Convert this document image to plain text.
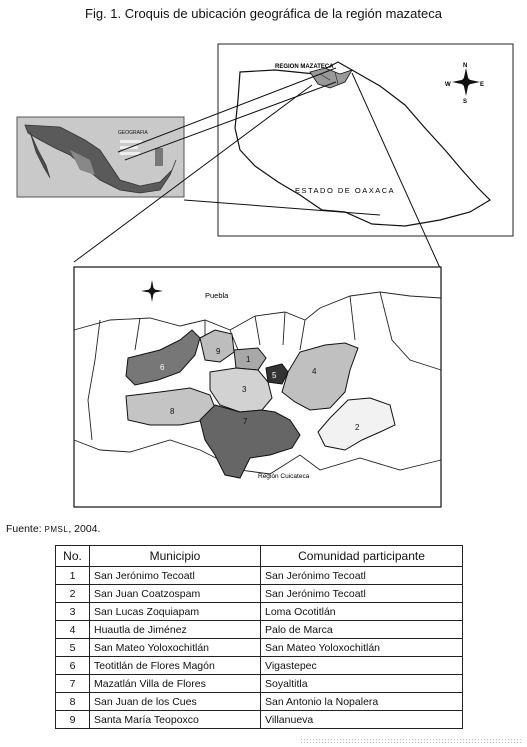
Fig. 1. Croquis de ubicación geográfica de la región mazateca
GEOGRAFIA
REGION MAZATECA
ESTADO DE OAXACA
N
E
W
S
1
2
3
4
5
6
7
8
9
Puebla
Región Cuicateca
Fuente: PMSL, 2004.
No.	Municipio	Comunidad participante
1	San Jerónimo Tecoatl	San Jerónimo Tecoatl
2	San Juan Coatzospam	San Jerónimo Tecoatl
3	San Lucas Zoquiapam	Loma Ocotitlán
4	Huautla de Jiménez	Palo de Marca
5	San Mateo Yoloxochitlán	San Mateo Yoloxochitlán
6	Teotitlán de Flores Magón	Vigastepec
7	Mazatlán Villa de Flores	Soyaltitla
8	San Juan de los Cues	San Antonio la Nopalera
9	Santa María Teopoxco	Villanueva
